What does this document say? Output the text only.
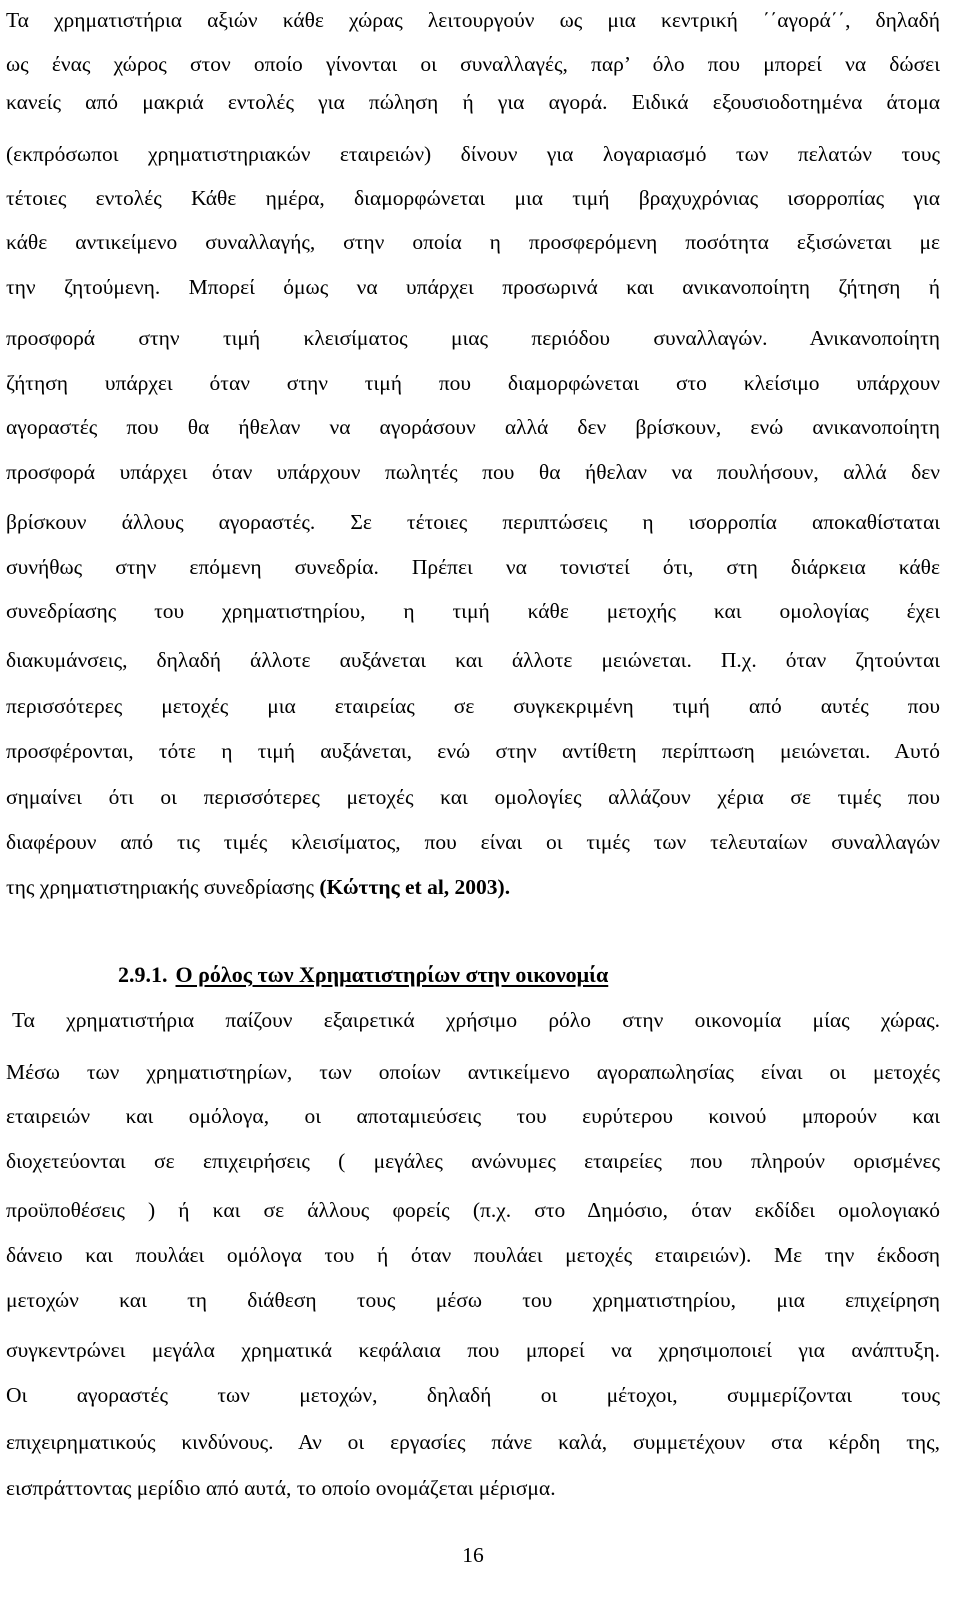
Τα χρηματιστήρια αξιών κάθε χώρας λειτουργούν ως μια κεντρική ΄΄αγορά΄΄, δηλαδή
ως ένας χώρος στον οποίο γίνονται οι συναλλαγές, παρ’ όλο που μπορεί να δώσει
κανείς από μακριά εντολές για πώληση ή για αγορά. Ειδικά εξουσιοδοτημένα άτομα
(εκπρόσωποι χρηματιστηριακών εταιρειών) δίνουν για λογαριασμό των πελατών τους
τέτοιες εντολές Κάθε ημέρα, διαμορφώνεται μια τιμή βραχυχρόνιας ισορροπίας για
κάθε αντικείμενο συναλλαγής, στην οποία η προσφερόμενη ποσότητα εξισώνεται με
την ζητούμενη. Μπορεί όμως να υπάρχει προσωρινά και ανικανοποίητη ζήτηση ή
προσφορά στην τιμή κλεισίματος μιας περιόδου συναλλαγών. Ανικανοποίητη
ζήτηση υπάρχει όταν στην τιμή που διαμορφώνεται στο κλείσιμο υπάρχουν
αγοραστές που θα ήθελαν να αγοράσουν αλλά δεν βρίσκουν, ενώ ανικανοποίητη
προσφορά υπάρχει όταν υπάρχουν πωλητές που θα ήθελαν να πουλήσουν, αλλά δεν
βρίσκουν άλλους αγοραστές. Σε τέτοιες περιπτώσεις η ισορροπία αποκαθίσταται
συνήθως στην επόμενη συνεδρία. Πρέπει να τονιστεί ότι, στη διάρκεια κάθε
συνεδρίασης του χρηματιστηρίου, η τιμή κάθε μετοχής και ομολογίας έχει
διακυμάνσεις, δηλαδή άλλοτε αυξάνεται και άλλοτε μειώνεται. Π.χ. όταν ζητούνται
περισσότερες μετοχές μια εταιρείας σε συγκεκριμένη τιμή από αυτές που
προσφέρονται, τότε η τιμή αυξάνεται, ενώ στην αντίθετη περίπτωση μειώνεται. Αυτό
σημαίνει ότι οι περισσότερες μετοχές και ομολογίες αλλάζουν χέρια σε τιμές που
διαφέρουν από τις τιμές κλεισίματος, που είναι οι τιμές των τελευταίων συναλλαγών
της χρηματιστηριακής συνεδρίασης (Κώττης et al, 2003).
2.9.1. Ο ρόλος των Χρηματιστηρίων στην οικονομία
Τα χρηματιστήρια παίζουν εξαιρετικά χρήσιμο ρόλο στην οικονομία μίας χώρας.
Μέσω των χρηματιστηρίων, των οποίων αντικείμενο αγοραπωλησίας είναι οι μετοχές
εταιρειών και ομόλογα, οι αποταμιεύσεις του ευρύτερου κοινού μπορούν και
διοχετεύονται σε επιχειρήσεις ( μεγάλες ανώνυμες εταιρείες που πληρούν ορισμένες
προϋποθέσεις ) ή και σε άλλους φορείς (π.χ. στο Δημόσιο, όταν εκδίδει ομολογιακό
δάνειο και πουλάει ομόλογα του ή όταν πουλάει μετοχές εταιρειών). Με την έκδοση
μετοχών και τη διάθεση τους μέσω του χρηματιστηρίου, μια επιχείρηση
συγκεντρώνει μεγάλα χρηματικά κεφάλαια που μπορεί να χρησιμοποιεί για ανάπτυξη.
Οι αγοραστές των μετοχών, δηλαδή οι μέτοχοι, συμμερίζονται τους
επιχειρηματικούς κινδύνους. Αν οι εργασίες πάνε καλά, συμμετέχουν στα κέρδη της,
εισπράττοντας μερίδιο από αυτά, το οποίο ονομάζεται μέρισμα.
16
